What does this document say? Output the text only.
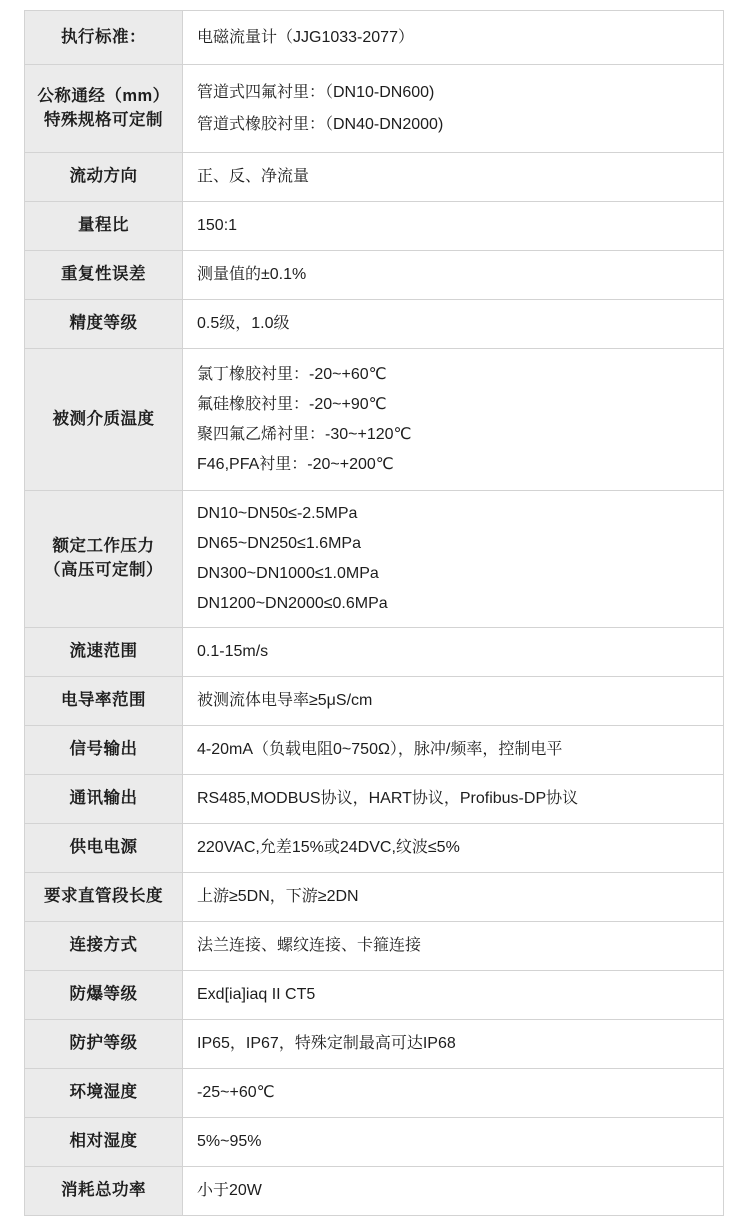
执行标准：	电磁流量计（JJG1033-2077）

公称通经（mm）
特殊规格可定制	管道式四氟衬里：（DN10-DN600)
管道式橡胶衬里：（DN40-DN2000)

流动方向	正、反、净流量

量程比	150:1

重复性误差	测量值的±0.1%

精度等级	0.5级，1.0级

被测介质温度	氯丁橡胶衬里：-20~+60℃
氟硅橡胶衬里：-20~+90℃
聚四氟乙烯衬里：-30~+120℃
F46,PFA衬里：-20~+200℃

额定工作压力
（高压可定制）	DN10~DN50≤-2.5MPa
DN65~DN250≤1.6MPa
DN300~DN1000≤1.0MPa
DN1200~DN2000≤0.6MPa

流速范围	0.1-15m/s

电导率范围	被测流体电导率≥5μS/cm

信号输出	4-20mA（负载电阻0~750Ω），脉冲/频率，控制电平

通讯输出	RS485,MODBUS协议，HART协议，Profibus-DP协议

供电电源	220VAC,允差15%或24DVC,纹波≤5%

要求直管段长度	上游≥5DN，下游≥2DN

连接方式	法兰连接、螺纹连接、卡箍连接

防爆等级	Exd[ia]iaq II CT5

防护等级	IP65，IP67，特殊定制最高可达IP68

环境湿度	-25~+60℃

相对湿度	5%~95%

消耗总功率	小于20W
